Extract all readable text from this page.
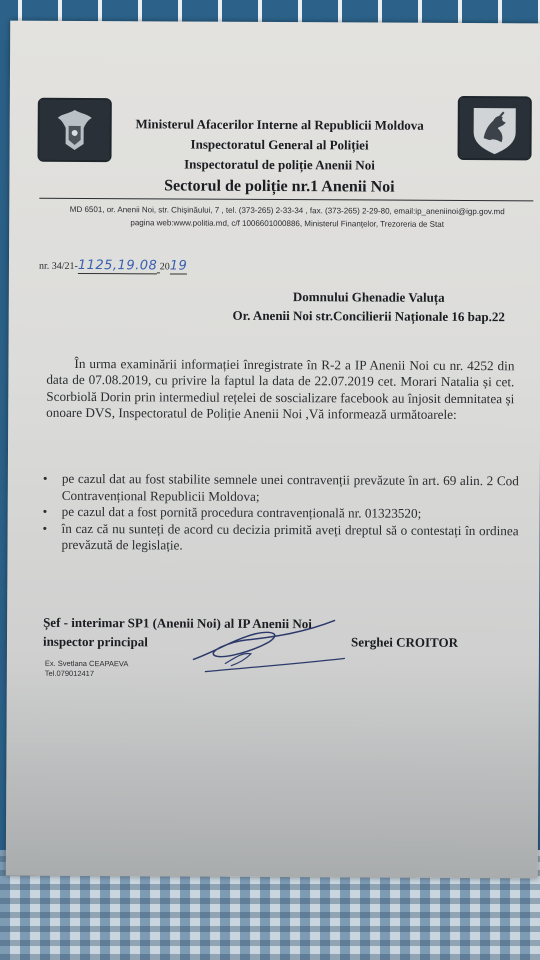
Ministerul Afacerilor Interne al Republicii Moldova
Inspectoratul General al Poliției
Inspectoratul de poliție Anenii Noi
Sectorul de poliție nr.1 Anenii Noi
MD 6501, or. Anenii Noi, str. Chișinăului, 7 , tel. (373-265) 2-33-34 , fax. (373-265) 2-29-80, email:ip_aneniinoi@igp.gov.md
pagina web:www.politia.md, c/f 1006601000886, Ministerul Finanțelor, Trezoreria de Stat
nr. 34/21-1125,19.08 2019
Domnului Ghenadie Valuța
Or. Anenii Noi str.Concilierii Naționale 16 bap.22

În urma examinării informației înregistrate în R-2 a IP Anenii Noi cu nr. 4252 din data de 07.08.2019, cu privire la faptul la data de 22.07.2019 cet. Morari Natalia și cet. Scorbiolă Dorin prin intermediul rețelei de soscializare facebook au înjosit demnitatea și onoare DVS, Inspectoratul de Poliție Anenii Noi ,Vă informează următoarele:

• pe cazul dat au fost stabilite semnele unei contravenții prevăzute în art. 69 alin. 2 Cod Contravențional Republicii Moldova;
• pe cazul dat a fost pornită procedura contravențională nr. 01323520;
• în caz că nu sunteți de acord cu decizia primită aveți dreptul să o contestați în ordinea prevăzută de legislație.
Șef - interimar SP1 (Anenii Noi) al IP Anenii Noi
inspector principal	Serghei CROITOR
Ex. Svetlana CEAPAEVA
Tel.079012417
